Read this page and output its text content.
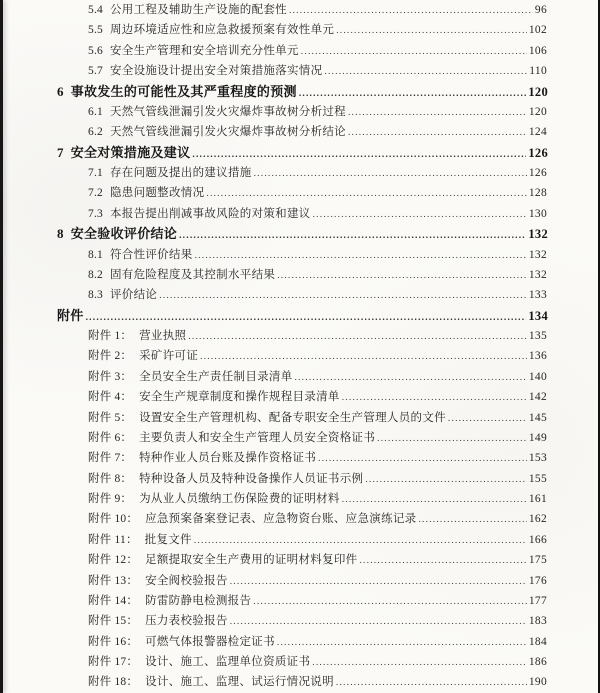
5.4 公用工程及辅助生产设施的配套性 .....	96
5.5 周边环境适应性和应急救援预案有效性单元 .....	102
5.6 安全生产管理和安全培训充分性单元 .....	106
5.7 安全设施设计提出安全对策措施落实情况 .....	110
6 事故发生的可能性及其严重程度的预测 .....	120
6.1 天然气管线泄漏引发火灾爆炸事故树分析过程 .....	120
6.2 天然气管线泄漏引发火灾爆炸事故树分析结论 .....	124
7 安全对策措施及建议 .....	126
7.1 存在问题及提出的建议措施 .....	126
7.2 隐患问题整改情况 .....	128
7.3 本报告提出削减事故风险的对策和建议 .....	130
8 安全验收评价结论 .....	132
8.1 符合性评价结果 .....	132
8.2 固有危险程度及其控制水平结果 .....	132
8.3 评价结论 .....	133
附件 .....	134
附件 1： 营业执照 .....	135
附件 2： 采矿许可证 .....	136
附件 3： 全员安全生产责任制目录清单 .....	140
附件 4： 安全生产规章制度和操作规程目录清单 .....	142
附件 5： 设置安全生产管理机构、配备专职安全生产管理人员的文件 .....	145
附件 6： 主要负责人和安全生产管理人员安全资格证书 .....	149
附件 7： 特种作业人员台账及操作资格证书 .....	153
附件 8： 特种设备人员及特种设备操作人员证书示例 .....	155
附件 9： 为从业人员缴纳工伤保险费的证明材料 .....	161
附件 10： 应急预案备案登记表、应急物资台账、应急演练记录 .....	162
附件 11： 批复文件 .....	166
附件 12： 足额提取安全生产费用的证明材料复印件 .....	175
附件 13： 安全阀校验报告 .....	176
附件 14： 防雷防静电检测报告 .....	177
附件 15： 压力表校验报告 .....	183
附件 16： 可燃气体报警器检定证书 .....	184
附件 17： 设计、施工、监理单位资质证书 .....	186
附件 18： 设计、施工、监理、试运行情况说明 .....	190
